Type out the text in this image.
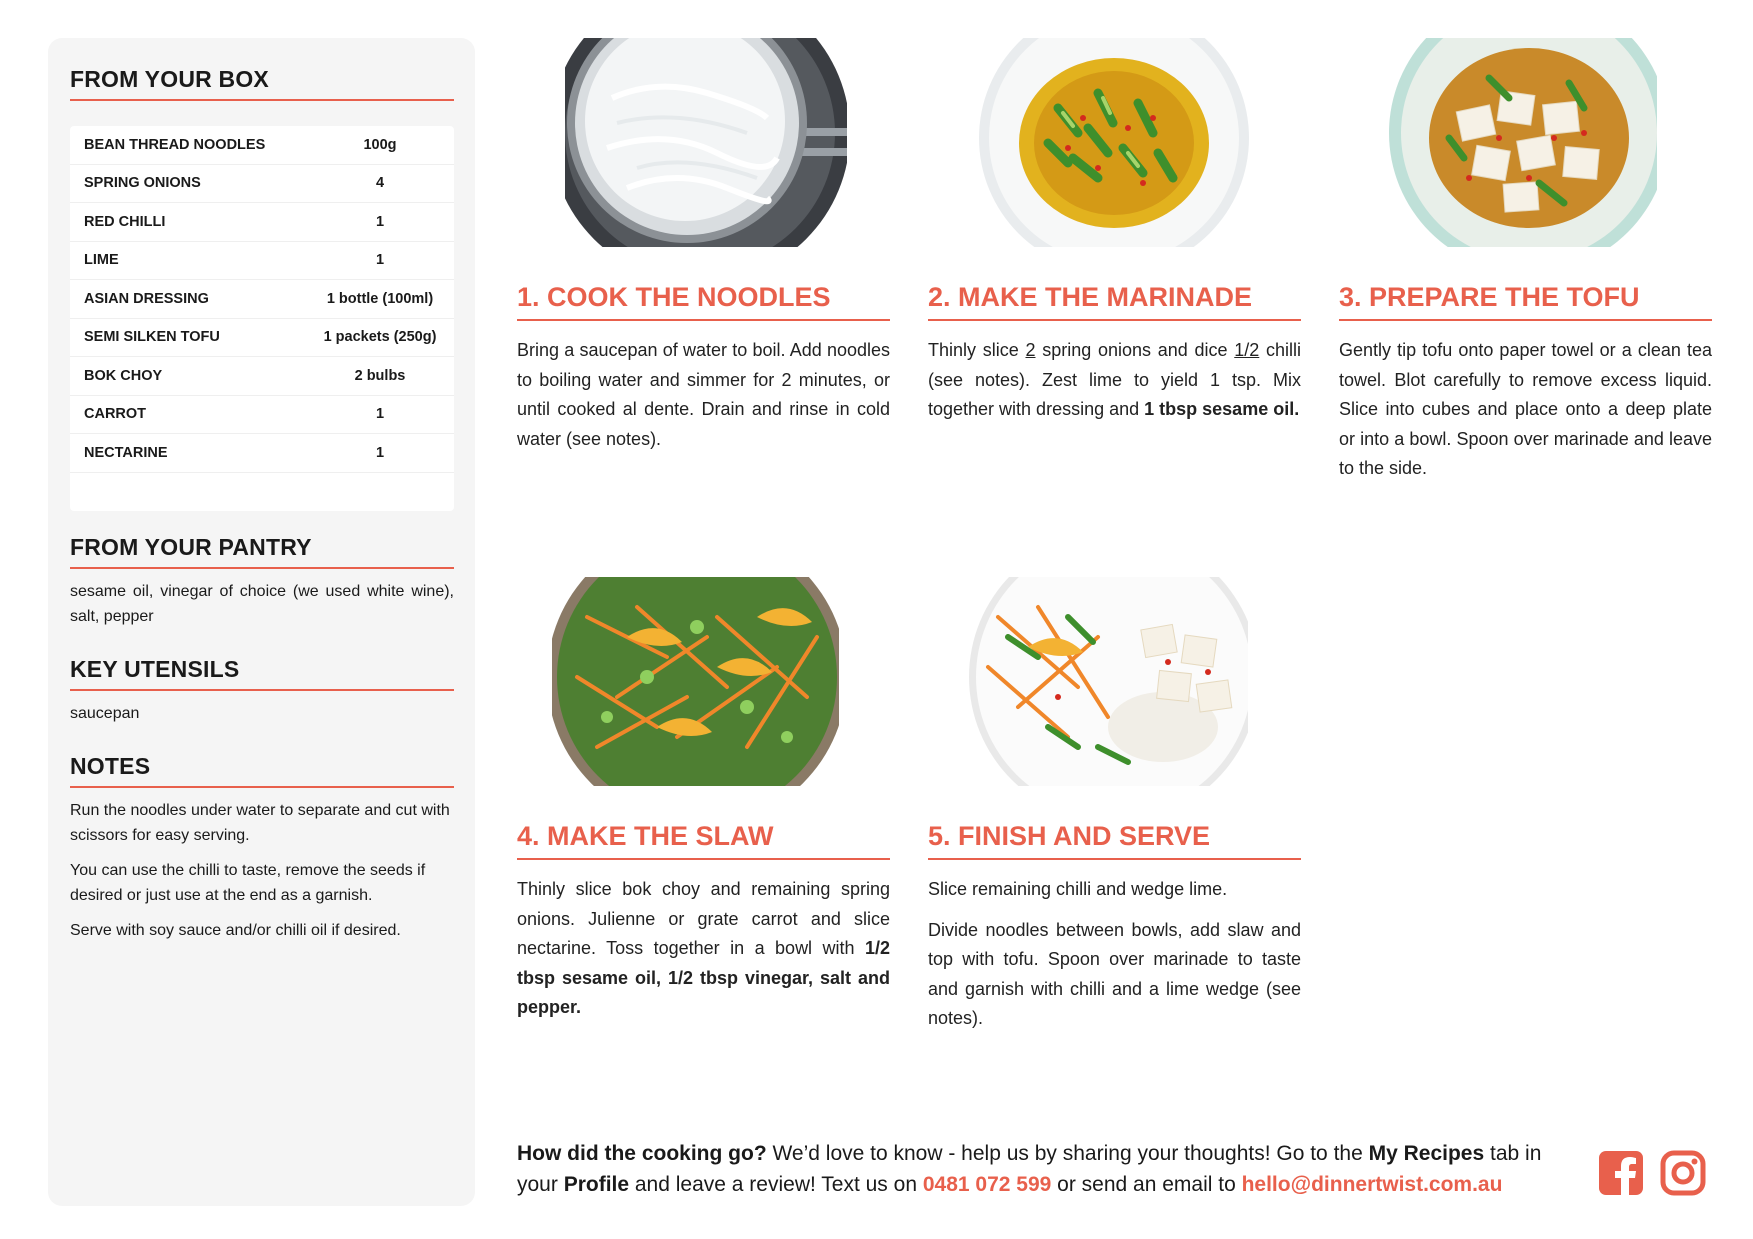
FROM YOUR BOX
BEAN THREAD NOODLES	100g
SPRING ONIONS	4
RED CHILLI	1
LIME	1
ASIAN DRESSING	1 bottle (100ml)
SEMI SILKEN TOFU	1 packets (250g)
BOK CHOY	2 bulbs
CARROT	1
NECTARINE	1
FROM YOUR PANTRY
sesame oil, vinegar of choice (we used white wine), salt, pepper
KEY UTENSILS
saucepan
NOTES

Run the noodles under water to separate and cut with scissors for easy serving.

You can use the chilli to taste, remove the seeds if desired or just use at the end as a garnish.

Serve with soy sauce and/or chilli oil if desired.

1. COOK THE NOODLES
Bring a saucepan of water to boil. Add noodles to boiling water and simmer for 2 minutes, or until cooked al dente. Drain and rinse in cold water (see notes).
2. MAKE THE MARINADE
Thinly slice 2 spring onions and dice 1/2 chilli (see notes). Zest lime to yield 1 tsp. Mix together with dressing and 1 tbsp sesame oil.
3. PREPARE THE TOFU
Gently tip tofu onto paper towel or a clean tea towel. Blot carefully to remove excess liquid. Slice into cubes and place onto a deep plate or into a bowl. Spoon over marinade and leave to the side.
4. MAKE THE SLAW
Thinly slice bok choy and remaining spring onions. Julienne or grate carrot and slice nectarine. Toss together in a bowl with 1/2 tbsp sesame oil, 1/2 tbsp vinegar, salt and pepper.
5. FINISH AND SERVE

Slice remaining chilli and wedge lime.

Divide noodles between bowls, add slaw and top with tofu. Spoon over marinade to taste and garnish with chilli and a lime wedge (see notes).

How did the cooking go? We’d love to know - help us by sharing your thoughts! Go to the My Recipes tab in your Profile and leave a review! Text us on 0481 072 599 or send an email to hello@dinnertwist.com.au
